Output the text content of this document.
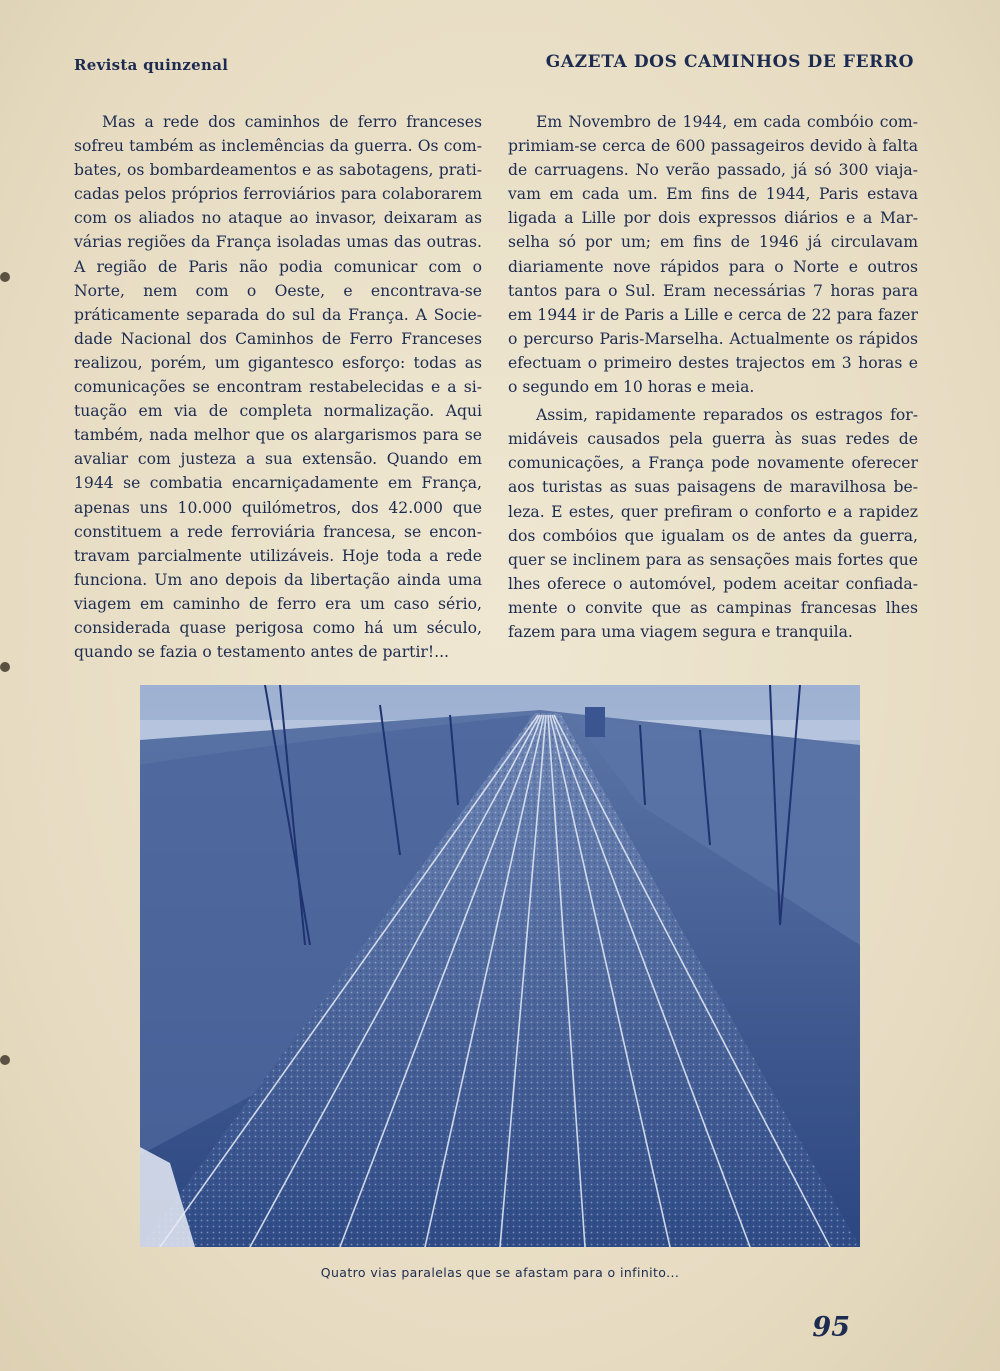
Revista quinzenal	GAZETA DOS CAMINHOS DE FERRO

Mas a rede dos caminhos de ferro franceses sofreu também as inclemências da guerra. Os combates, os bombardeamentos e as sabotagens, praticadas pelos próprios ferroviários para colaborarem com os aliados no ataque ao invasor, deixaram as várias regiões da França isoladas umas das outras. A região de Paris não podia comunicar com o Norte, nem com o Oeste, e encontrava-se práticamente separada do sul da França. A Sociedade Nacional dos Caminhos de Ferro Franceses realizou, porém, um gigantesco esforço: todas as comunicações se encontram restabelecidas e a situação em via de completa normalização. Aqui também, nada melhor que os alargarismos para se avaliar com justeza a sua extensão. Quando em 1944 se combatia encarniçadamente em França, apenas uns 10.000 quilómetros, dos 42.000 que constituem a rede ferroviária francesa, se encontravam parcialmente utilizáveis. Hoje toda a rede funciona. Um ano depois da libertação ainda uma viagem em caminho de ferro era um caso sério, considerada quase perigosa como há um século, quando se fazia o testamento antes de partir!...

Em Novembro de 1944, em cada combóio comprimiam-se cerca de 600 passageiros devido à falta de carruagens. No verão passado, já só 300 viajavam em cada um. Em fins de 1944, Paris estava ligada a Lille por dois expressos diários e a Marselha só por um; em fins de 1946 já circulavam diariamente nove rápidos para o Norte e outros tantos para o Sul. Eram necessárias 7 horas para em 1944 ir de Paris a Lille e cerca de 22 para fazer o percurso Paris-Marselha. Actualmente os rápidos efectuam o primeiro destes trajectos em 3 horas e o segundo em 10 horas e meia.

Assim, rapidamente reparados os estragos formidáveis causados pela guerra às suas redes de comunicações, a França pode novamente oferecer aos turistas as suas paisagens de maravilhosa beleza. E estes, quer prefiram o conforto e a rapidez dos combóios que igualam os de antes da guerra, quer se inclinem para as sensações mais fortes que lhes oferece o automóvel, podem aceitar confiadamente o convite que as campinas francesas lhes fazem para uma viagem segura e tranquila.

Quatro vias paralelas que se afastam para o infinito...
95
